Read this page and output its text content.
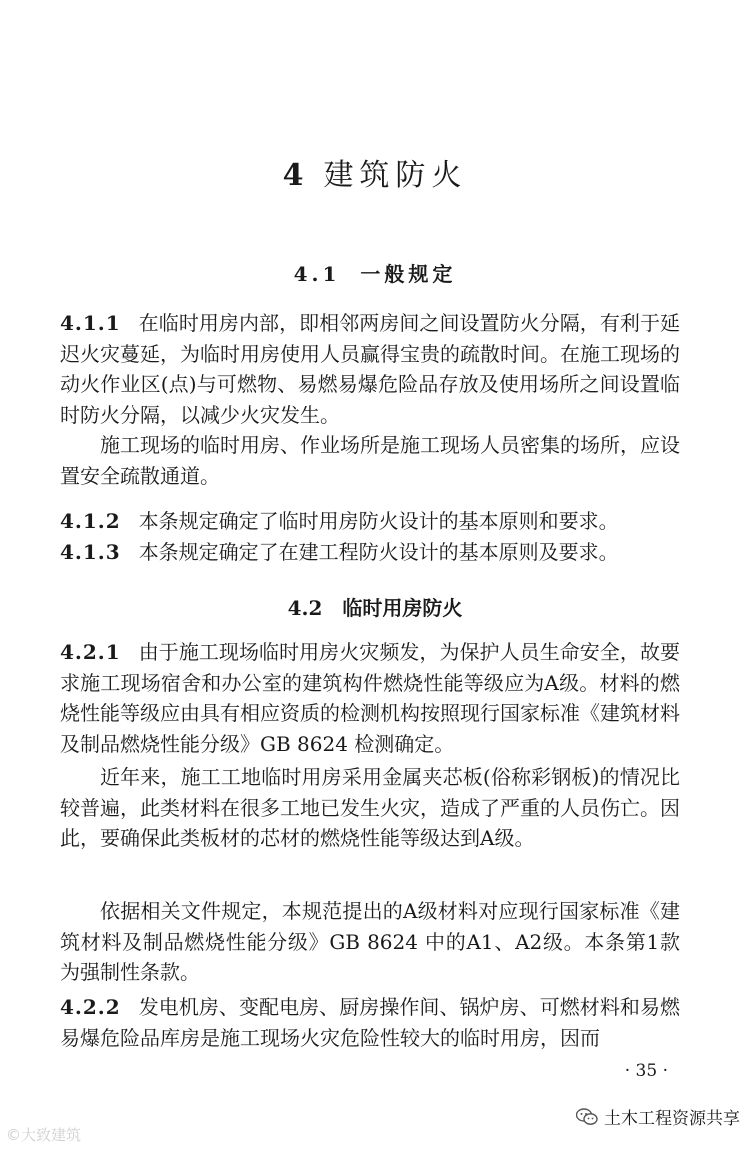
4 建筑防火
4.1 一般规定

4.1.1 在临时用房内部，即相邻两房间之间设置防火分隔，有利于延迟火灾蔓延，为临时用房使用人员赢得宝贵的疏散时间。在施工现场的动火作业区(点)与可燃物、易燃易爆危险品存放及使用场所之间设置临时防火分隔，以减少火灾发生。

施工现场的临时用房、作业场所是施工现场人员密集的场所，应设置安全疏散通道。

4.1.2 本条规定确定了临时用房防火设计的基本原则和要求。

4.1.3 本条规定确定了在建工程防火设计的基本原则及要求。

4.2 临时用房防火

4.2.1 由于施工现场临时用房火灾频发，为保护人员生命安全，故要求施工现场宿舍和办公室的建筑构件燃烧性能等级应为A级。材料的燃烧性能等级应由具有相应资质的检测机构按照现行国家标准《建筑材料及制品燃烧性能分级》GB 8624 检测确定。

近年来，施工工地临时用房采用金属夹芯板(俗称彩钢板)的情况比较普遍，此类材料在很多工地已发生火灾，造成了严重的人员伤亡。因此，要确保此类板材的芯材的燃烧性能等级达到A级。

依据相关文件规定，本规范提出的A级材料对应现行国家标准《建筑材料及制品燃烧性能分级》GB 8624 中的A1、A2级。本条第1款为强制性条款。

4.2.2 发电机房、变配电房、厨房操作间、锅炉房、可燃材料和易燃易爆危险品库房是施工现场火灾危险性较大的临时用房，因而

· 35 ·
©大致建筑
土木工程资源共享
